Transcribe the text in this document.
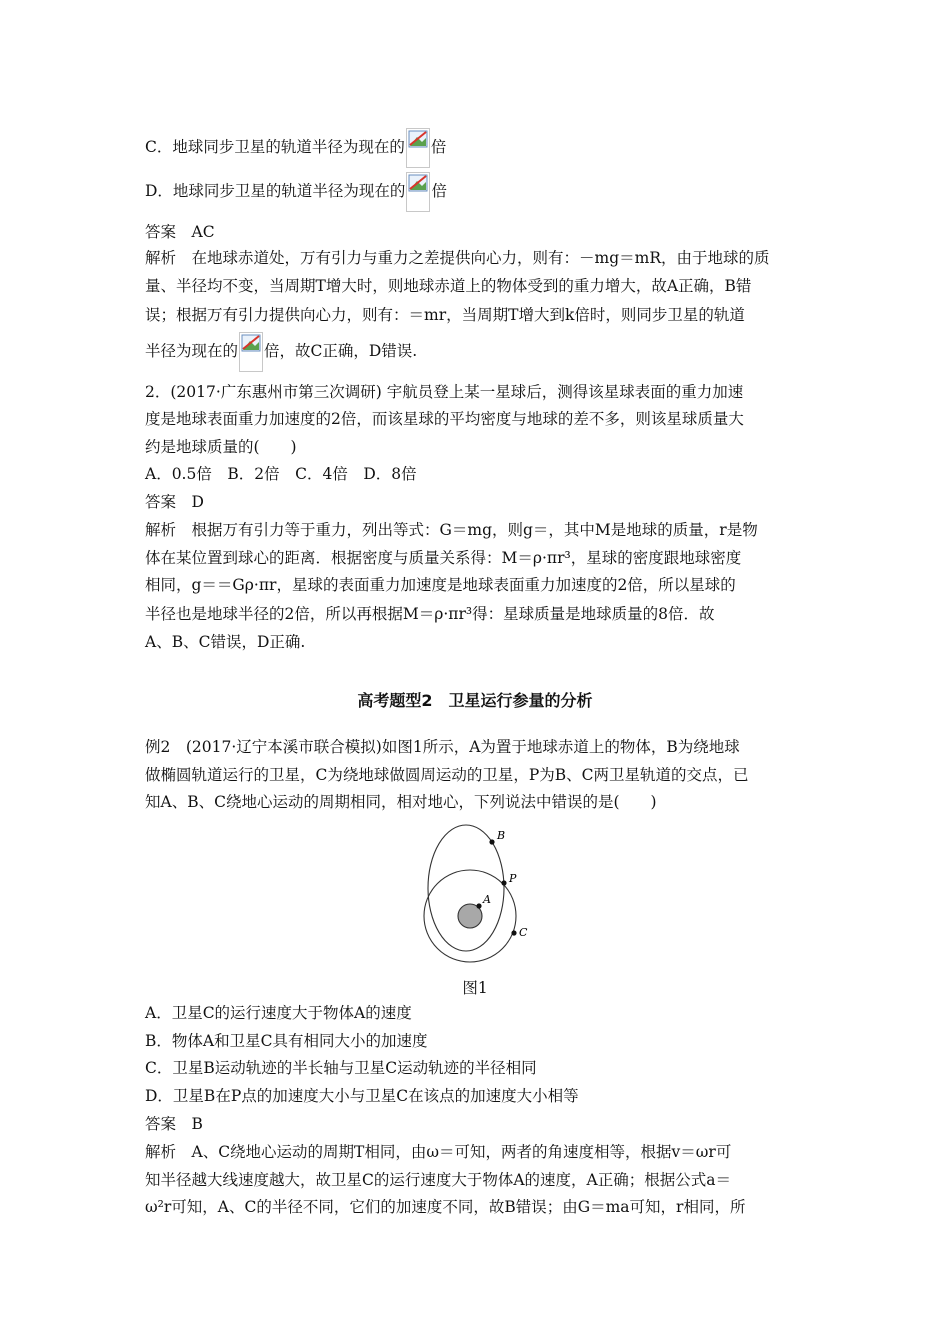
C．地球同步卫星的轨道半径为现在的 倍
D．地球同步卫星的轨道半径为现在的 倍
答案　AC
解析　在地球赤道处，万有引力与重力之差提供向心力，则有：－mg＝mR，由于地球的质
量、半径均不变，当周期T增大时，则地球赤道上的物体受到的重力增大，故A正确，B错
误；根据万有引力提供向心力，则有：＝mr，当周期T增大到k倍时，则同步卫星的轨道
半径为现在的 倍，故C正确，D错误.
2．(2017·广东惠州市第三次调研) 宇航员登上某一星球后，测得该星球表面的重力加速
度是地球表面重力加速度的2倍，而该星球的平均密度与地球的差不多，则该星球质量大
约是地球质量的(　　)
A．0.5倍　B．2倍　C．4倍　D．8倍
答案　D
解析　根据万有引力等于重力，列出等式：G＝mg，则g＝，其中M是地球的质量，r是物
体在某位置到球心的距离．根据密度与质量关系得：M＝ρ·πr³，星球的密度跟地球密度
相同，g＝＝Gρ·πr，星球的表面重力加速度是地球表面重力加速度的2倍，所以星球的
半径也是地球半径的2倍，所以再根据M＝ρ·πr³得：星球质量是地球质量的8倍．故
A、B、C错误，D正确.
高考题型2　卫星运行参量的分析
例2　(2017·辽宁本溪市联合模拟)如图1所示，A为置于地球赤道上的物体，B为绕地球
做椭圆轨道运行的卫星，C为绕地球做圆周运动的卫星，P为B、C两卫星轨道的交点，已
知A、B、C绕地心运动的周期相同，相对地心，下列说法中错误的是(　　)
B
P
A
C
图1
A．卫星C的运行速度大于物体A的速度
B．物体A和卫星C具有相同大小的加速度
C．卫星B运动轨迹的半长轴与卫星C运动轨迹的半径相同
D．卫星B在P点的加速度大小与卫星C在该点的加速度大小相等
答案　B
解析　A、C绕地心运动的周期T相同，由ω＝可知，两者的角速度相等，根据v＝ωr可
知半径越大线速度越大，故卫星C的运行速度大于物体A的速度，A正确；根据公式a＝
ω²r可知，A、C的半径不同，它们的加速度不同，故B错误；由G＝ma可知，r相同，所
